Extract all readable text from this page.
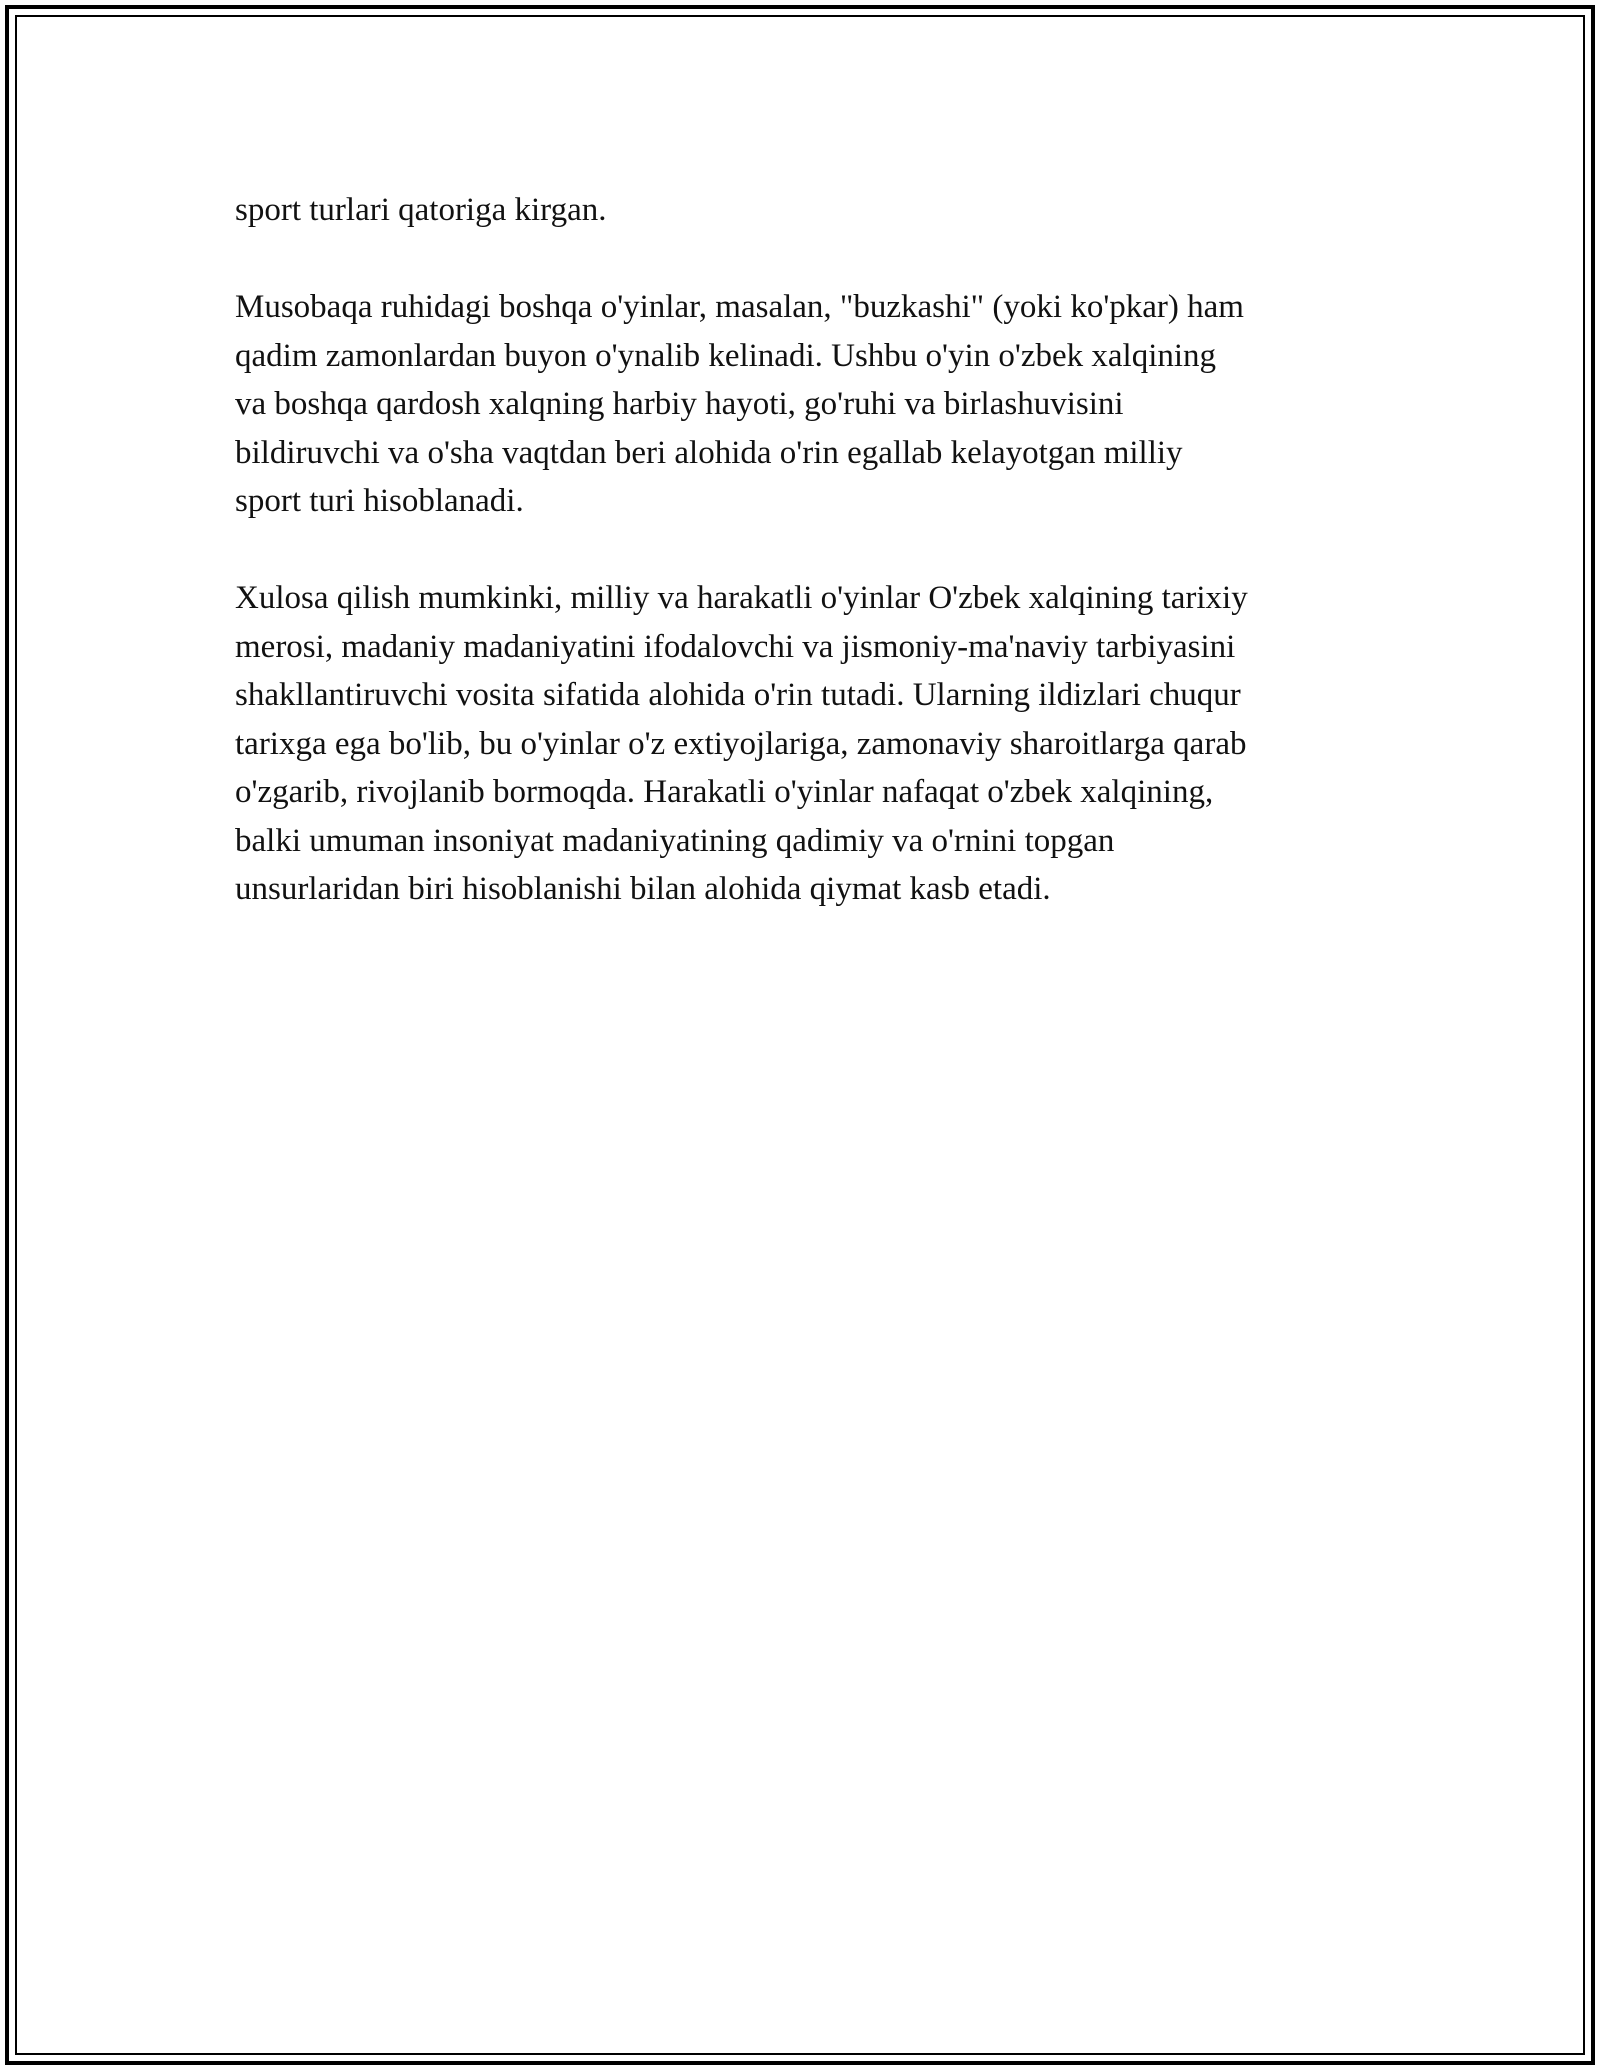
sport turlari qatoriga kirgan.

Musobaqa ruhidagi boshqa o'yinlar, masalan, "buzkashi" (yoki ko'pkar) ham
qadim zamonlardan buyon o'ynalib kelinadi. Ushbu o'yin o'zbek xalqining
va boshqa qardosh xalqning harbiy hayoti, go'ruhi va birlashuvisini
bildiruvchi va o'sha vaqtdan beri alohida o'rin egallab kelayotgan milliy
sport turi hisoblanadi.

Xulosa qilish mumkinki, milliy va harakatli o'yinlar O'zbek xalqining tarixiy
merosi, madaniy madaniyatini ifodalovchi va jismoniy-ma'naviy tarbiyasini
shakllantiruvchi vosita sifatida alohida o'rin tutadi. Ularning ildizlari chuqur
tarixga ega bo'lib, bu o'yinlar o'z extiyojlariga, zamonaviy sharoitlarga qarab
o'zgarib, rivojlanib bormoqda. Harakatli o'yinlar nafaqat o'zbek xalqining,
balki umuman insoniyat madaniyatining qadimiy va o'rnini topgan
unsurlaridan biri hisoblanishi bilan alohida qiymat kasb etadi.
